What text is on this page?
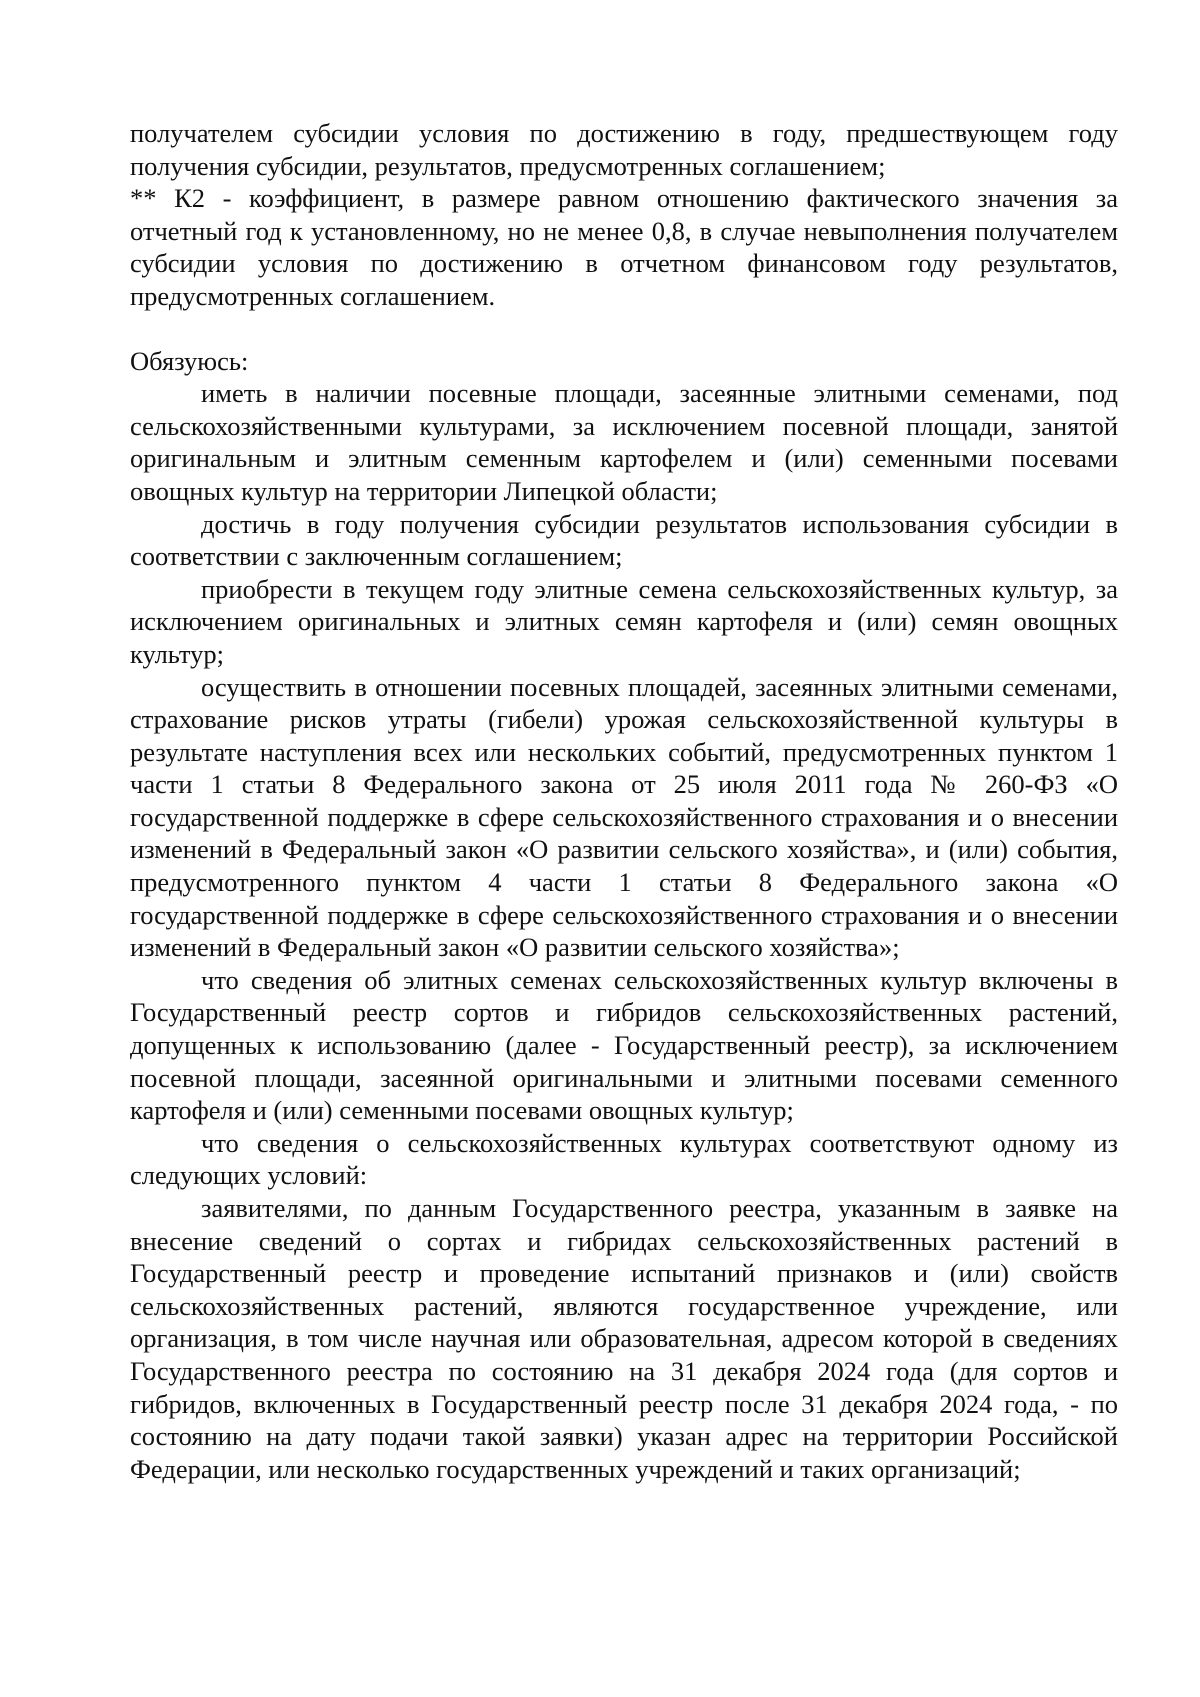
получателем субсидии условия по достижению в году, предшествующем году получения субсидии, результатов, предусмотренных соглашением;

** К2 - коэффициент, в размере равном отношению фактического значения за отчетный год к установленному, но не менее 0,8, в случае невыполнения получателем субсидии условия по достижению в отчетном финансовом году результатов, предусмотренных соглашением.

Обязуюсь:

иметь в наличии посевные площади, засеянные элитными семенами, под сельскохозяйственными культурами, за исключением посевной площади, занятой оригинальным и элитным семенным картофелем и (или) семенными посевами овощных культур на территории Липецкой области;

достичь в году получения субсидии результатов использования субсидии в соответствии с заключенным соглашением;

приобрести в текущем году элитные семена сельскохозяйственных культур, за исключением оригинальных и элитных семян картофеля и (или) семян овощных культур;

осуществить в отношении посевных площадей, засеянных элитными семенами, страхование рисков утраты (гибели) урожая сельскохозяйственной культуры в результате наступления всех или нескольких событий, предусмотренных пунктом 1 части 1 статьи 8 Федерального закона от 25 июля 2011 года № 260-ФЗ «О государственной поддержке в сфере сельскохозяйственного страхования и о внесении изменений в Федеральный закон «О развитии сельского хозяйства», и (или) события, предусмотренного пунктом 4 части 1 статьи 8 Федерального закона «О государственной поддержке в сфере сельскохозяйственного страхования и о внесении изменений в Федеральный закон «О развитии сельского хозяйства»;

что сведения об элитных семенах сельскохозяйственных культур включены в Государственный реестр сортов и гибридов сельскохозяйственных растений, допущенных к использованию (далее - Государственный реестр), за исключением посевной площади, засеянной оригинальными и элитными посевами семенного картофеля и (или) семенными посевами овощных культур;

что сведения о сельскохозяйственных культурах соответствуют одному из следующих условий:

заявителями, по данным Государственного реестра, указанным в заявке на внесение сведений о сортах и гибридах сельскохозяйственных растений в Государственный реестр и проведение испытаний признаков и (или) свойств сельскохозяйственных растений, являются государственное учреждение, или организация, в том числе научная или образовательная, адресом которой в сведениях Государственного реестра по состоянию на 31 декабря 2024 года (для сортов и гибридов, включенных в Государственный реестр после 31 декабря 2024 года, - по состоянию на дату подачи такой заявки) указан адрес на территории Российской Федерации, или несколько государственных учреждений и таких организаций;
